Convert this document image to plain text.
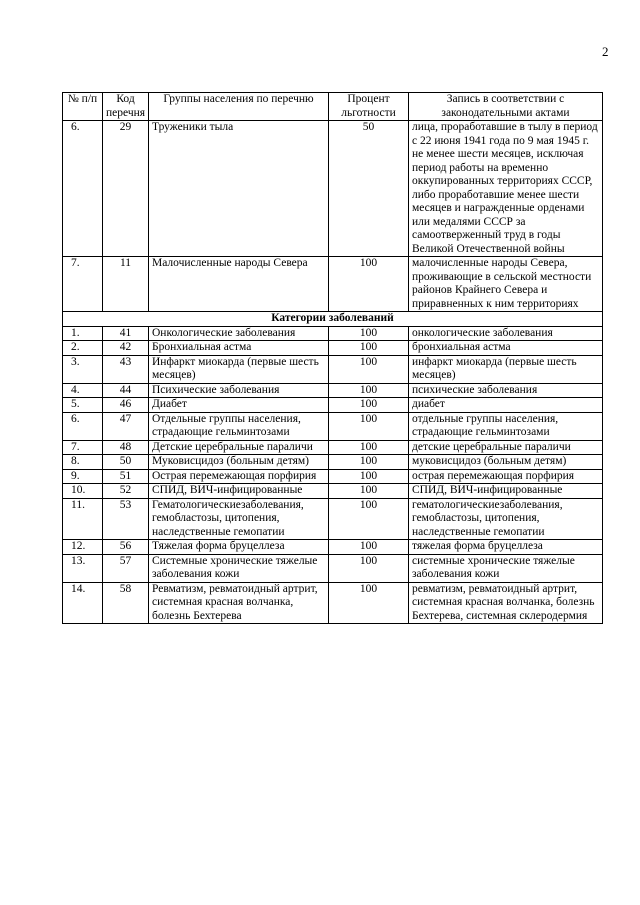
2
№ п/п	Код перечня	Группы населения по перечню	Процент льготности	Запись в соответствии с законодательными актами
6.	29	Труженики тыла	50	лица, проработавшие в тылу в период с 22 июня 1941 года по 9 мая 1945 г. не менее шести месяцев, исключая период работы на временно оккупированных территориях СССР, либо проработавшие менее шести месяцев и награжденные орденами или медалями СССР за самоотверженный труд в годы Великой Отечественной войны
7.	11	Малочисленные народы Севера	100	малочисленные народы Севера, проживающие в сельской местности районов Крайнего Севера и приравненных к ним территориях
Категории заболеваний				
1.	41	Онкологические заболевания	100	онкологические заболевания
2.	42	Бронхиальная астма	100	бронхиальная астма
3.	43	Инфаркт миокарда (первые шесть месяцев)	100	инфаркт миокарда (первые шесть месяцев)
4.	44	Психические заболевания	100	психические заболевания
5.	46	Диабет	100	диабет
6.	47	Отдельные группы населения, страдающие гельминтозами	100	отдельные группы населения, страдающие гельминтозами
7.	48	Детские церебральные параличи	100	детские церебральные параличи
8.	50	Муковисцидоз (больным детям)	100	муковисцидоз (больным детям)
9.	51	Острая перемежающая порфирия	100	острая перемежающая порфирия
10.	52	СПИД, ВИЧ-инфицированные	100	СПИД, ВИЧ-инфицированные
11.	53	Гематологическиезаболевания, гемобластозы, цитопения, наследственные гемопатии	100	гематологическиезаболевания, гемобластозы, цитопения, наследственные гемопатии
12.	56	Тяжелая форма бруцеллеза	100	тяжелая форма бруцеллеза
13.	57	Системные хронические тяжелые заболевания кожи	100	системные хронические тяжелые заболевания кожи
14.	58	Ревматизм, ревматоидный артрит, системная красная волчанка, болезнь Бехтерева	100	ревматизм, ревматоидный артрит, системная красная волчанка, болезнь Бехтерева, системная склеродермия
